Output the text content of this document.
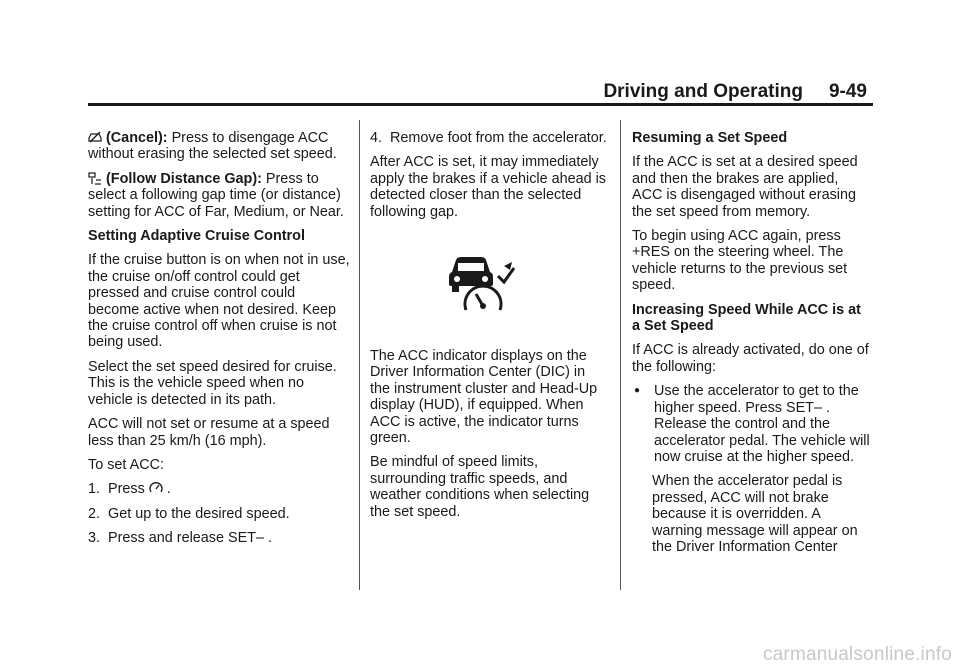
Driving and Operating 9-49

(Cancel): Press to disengage ACC without erasing the selected set speed.

(Follow Distance Gap): Press to select a following gap time (or distance) setting for ACC of Far, Medium, or Near.

Setting Adaptive Cruise Control

If the cruise button is on when not in use, the cruise on/off control could get pressed and cruise control could become active when not desired. Keep the cruise control off when cruise is not being used.

Select the set speed desired for cruise. This is the vehicle speed when no vehicle is detected in its path.

ACC will not set or resume at a speed less than 25 km/h (16 mph).

To set ACC:

1. Press
.
2. Get up to the desired speed.
3. Press and release SET– .
4. Remove foot from the accelerator.

After ACC is set, it may immediately apply the brakes if a vehicle ahead is detected closer than the selected following gap.

The ACC indicator displays on the Driver Information Center (DIC) in the instrument cluster and Head-Up display (HUD), if equipped. When ACC is active, the indicator turns green.

Be mindful of speed limits, surrounding traffic speeds, and weather conditions when selecting the set speed.

Resuming a Set Speed

If the ACC is set at a desired speed and then the brakes are applied, ACC is disengaged without erasing the set speed from memory.

To begin using ACC again, press +RES on the steering wheel. The vehicle returns to the previous set speed.

Increasing Speed While ACC is at a Set Speed

If ACC is already activated, do one of the following:

● Use the accelerator to get to the higher speed. Press SET– . Release the control and the accelerator pedal. The vehicle will now cruise at the higher speed.

When the accelerator pedal is pressed, ACC will not brake because it is overridden. A warning message will appear on the Driver Information Center

carmanualsonline.info
